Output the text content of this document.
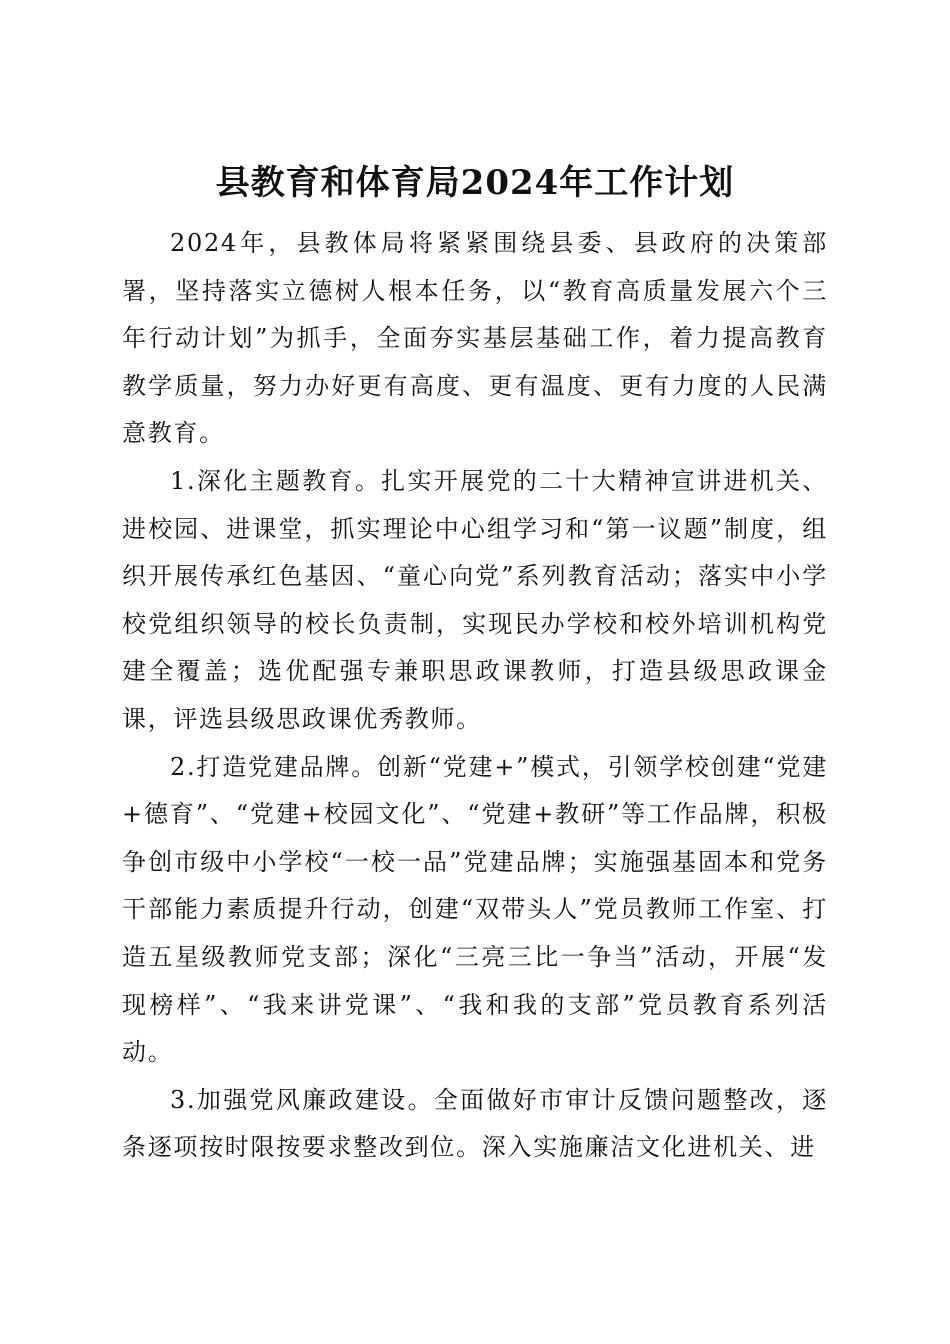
县教育和体育局2024年工作计划

2024年，县教体局将紧紧围绕县委、县政府的决策部署，坚持落实立德树人根本任务，以“教育高质量发展六个三年行动计划”为抓手，全面夯实基层基础工作，着力提高教育教学质量，努力办好更有高度、更有温度、更有力度的人民满意教育。

1.深化主题教育。扎实开展党的二十大精神宣讲进机关、进校园、进课堂，抓实理论中心组学习和“第一议题”制度，组织开展传承红色基因、“童心向党”系列教育活动；落实中小学校党组织领导的校长负责制，实现民办学校和校外培训机构党建全覆盖；选优配强专兼职思政课教师，打造县级思政课金课，评选县级思政课优秀教师。

2.打造党建品牌。创新“党建+”模式，引领学校创建“党建+德育”、“党建+校园文化”、“党建+教研”等工作品牌，积极争创市级中小学校“一校一品”党建品牌；实施强基固本和党务干部能力素质提升行动，创建“双带头人”党员教师工作室、打造五星级教师党支部；深化“三亮三比一争当”活动，开展“发现榜样”、“我来讲党课”、“我和我的支部”党员教育系列活动。

3.加强党风廉政建设。全面做好市审计反馈问题整改，逐条逐项按时限按要求整改到位。深入实施廉洁文化进机关、进
